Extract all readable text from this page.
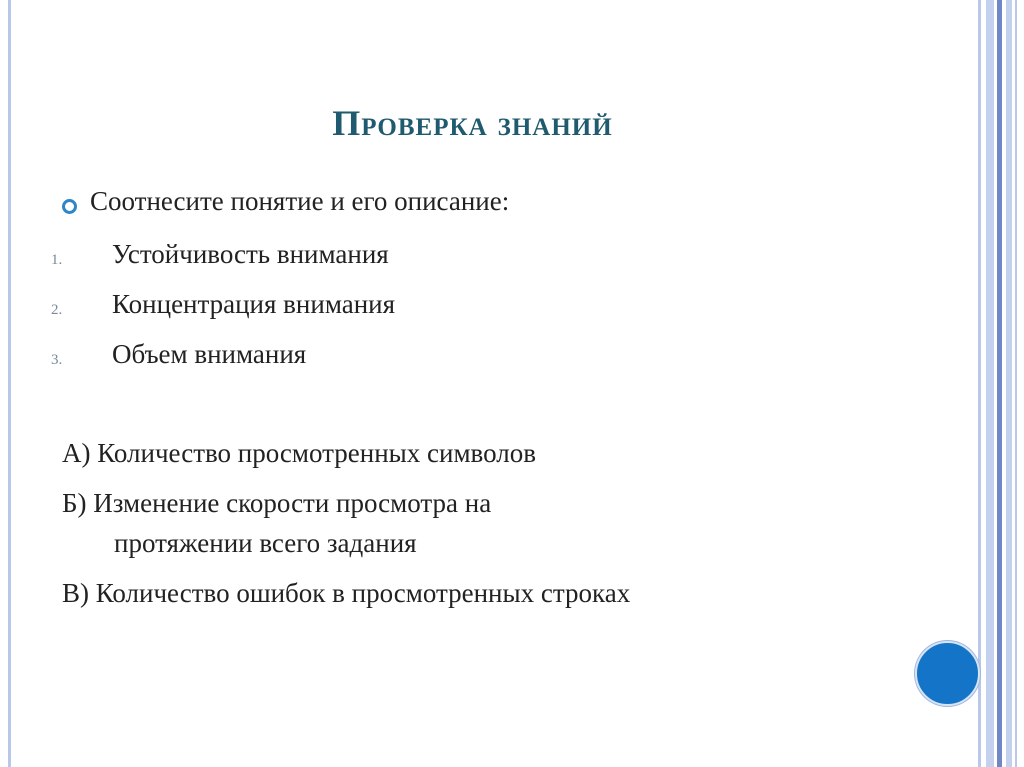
Проверка знаний
Соотнесите понятие и его описание:
1. Устойчивость внимания
2. Концентрация внимания
3. Объем внимания
А) Количество просмотренных символов
Б) Изменение скорости просмотра на
протяжении всего задания
В) Количество ошибок в просмотренных строках
